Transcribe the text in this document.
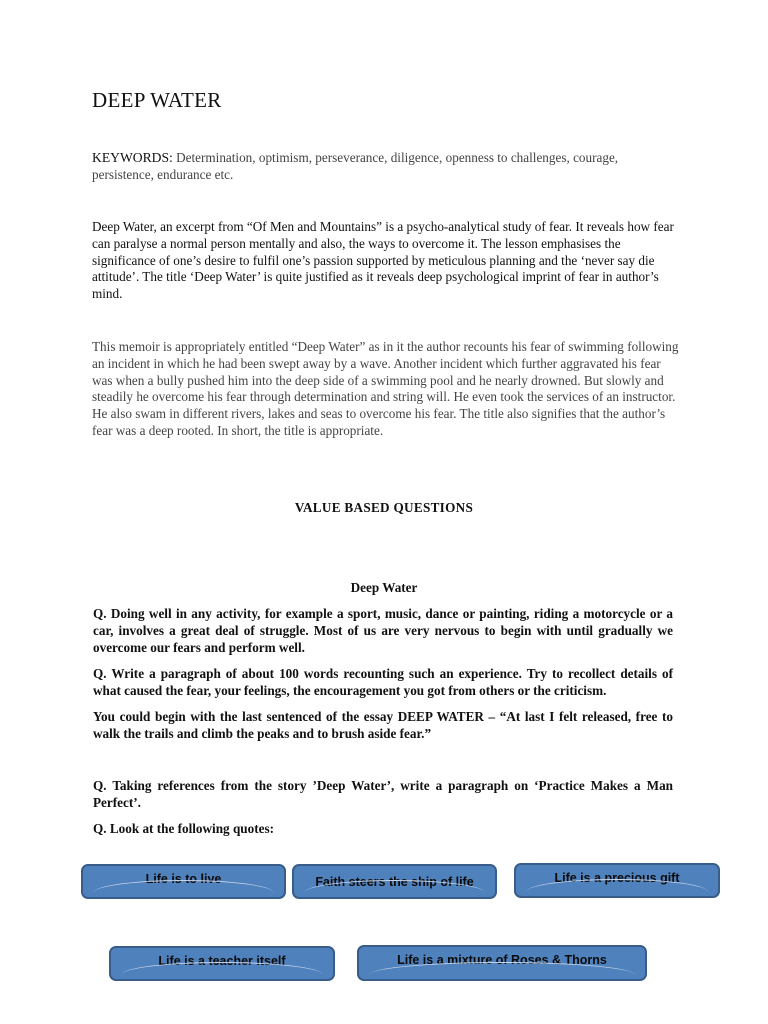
DEEP WATER
KEYWORDS: Determination, optimism, perseverance, diligence, openness to challenges, courage, persistence, endurance etc.
Deep Water, an excerpt from “Of Men and Mountains” is a psycho-analytical study of fear. It reveals how fear can paralyse a normal person mentally and also, the ways to overcome it. The lesson emphasises the significance of one’s desire to fulfil one’s passion supported by meticulous planning and the ‘never say die attitude’. The title ‘Deep Water’ is quite justified as it reveals deep psychological imprint of fear in author’s mind.
This memoir is appropriately entitled “Deep Water” as in it the author recounts his fear of swimming following an incident in which he had been swept away by a wave. Another incident which further aggravated his fear was when a bully pushed him into the deep side of a swimming pool and he nearly drowned. But slowly and steadily he overcome his fear through determination and string will. He even took the services of an instructor. He also swam in different rivers, lakes and seas to overcome his fear. The title also signifies that the author’s fear was a deep rooted. In short, the title is appropriate.
VALUE BASED QUESTIONS
Deep Water
Q. Doing well in any activity, for example a sport, music, dance or painting, riding a motorcycle or a car, involves a great deal of struggle. Most of us are very nervous to begin with until gradually we overcome our fears and perform well.
Q. Write a paragraph of about 100 words recounting such an experience. Try to recollect details of what caused the fear, your feelings, the encouragement you got from others or the criticism.
You could begin with the last sentenced of the essay DEEP WATER – “At last I felt released, free to walk the trails and climb the peaks and to brush aside fear.”
Q. Taking references from the story ’Deep Water’, write a paragraph on ‘Practice Makes a Man Perfect’.
Q. Look at the following quotes:
Life is to live	Faith steers the ship of life	Life is a precious gift
Life is a teacher itself	Life is a mixture of Roses & Thorns
